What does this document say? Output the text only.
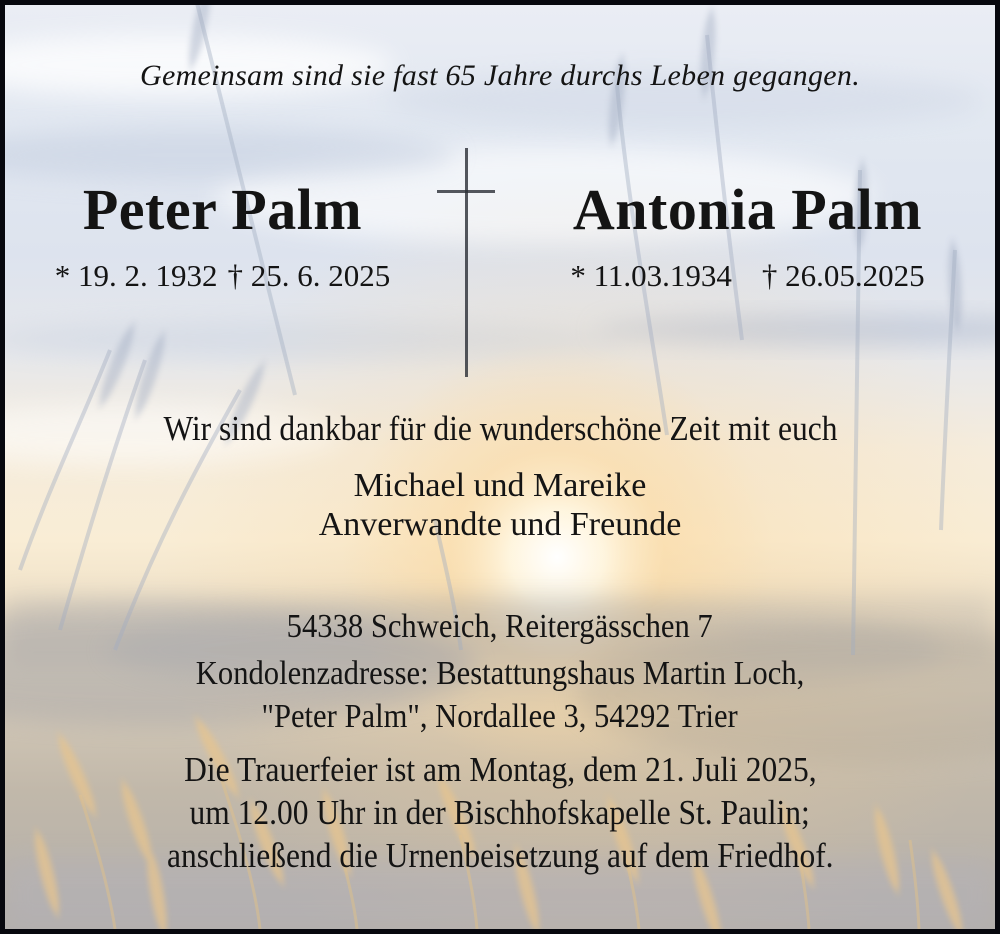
Gemeinsam sind sie fast 65 Jahre durchs Leben gegangen.
Peter Palm
* 19. 2. 1932 † 25. 6. 2025
Antonia Palm
* 11.03.1934 † 26.05.2025
Wir sind dankbar für die wunderschöne Zeit mit euch
Michael und Mareike
Anverwandte und Freunde
54338 Schweich, Reitergässchen 7
Kondolenzadresse: Bestattungshaus Martin Loch,
"Peter Palm", Nordallee 3, 54292 Trier
Die Trauerfeier ist am Montag, dem 21. Juli 2025,
um 12.00 Uhr in der Bischhofskapelle St. Paulin;
anschließend die Urnenbeisetzung auf dem Friedhof.
